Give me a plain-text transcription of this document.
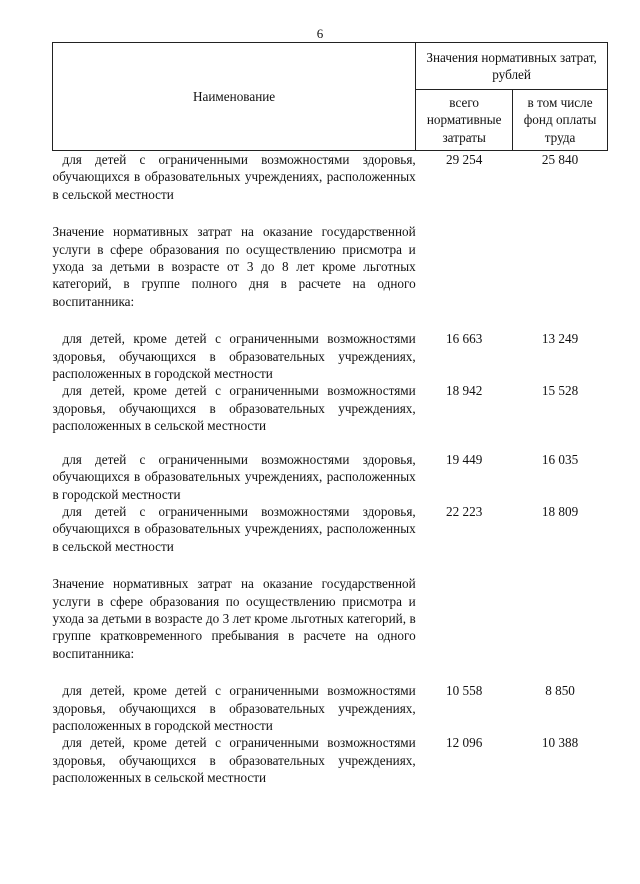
6
Наименование	Значения нормативных затрат, рублей	
	всего нормативные затраты	в том числе фонд оплаты труда
для детей с ограниченными возможностями здоровья, обучающихся в образовательных учреждениях, расположенных в сельской местности	29 254	25 840
Значение нормативных затрат на оказание государственной услуги в сфере образования по осуществлению присмотра и ухода за детьми в возрасте от 3 до 8 лет кроме льготных категорий, в группе полного дня в расчете на одного воспитанника:		
для детей, кроме детей с ограниченными возможностями здоровья, обучающихся в образовательных учреждениях, расположенных в городской местности	16 663	13 249
для детей, кроме детей с ограниченными возможностями здоровья, обучающихся в образовательных учреждениях, расположенных в сельской местности	18 942	15 528
для детей с ограниченными возможностями здоровья, обучающихся в образовательных учреждениях, расположенных в городской местности	19 449	16 035
для детей с ограниченными возможностями здоровья, обучающихся в образовательных учреждениях, расположенных в сельской местности	22 223	18 809
Значение нормативных затрат на оказание государственной услуги в сфере образования по осуществлению присмотра и ухода за детьми в возрасте до 3 лет кроме льготных категорий, в группе кратковременного пребывания в расчете на одного воспитанника:		
для детей, кроме детей с ограниченными возможностями здоровья, обучающихся в образовательных учреждениях, расположенных в городской местности	10 558	8 850
для детей, кроме детей с ограниченными возможностями здоровья, обучающихся в образовательных учреждениях, расположенных в сельской местности	12 096	10 388
